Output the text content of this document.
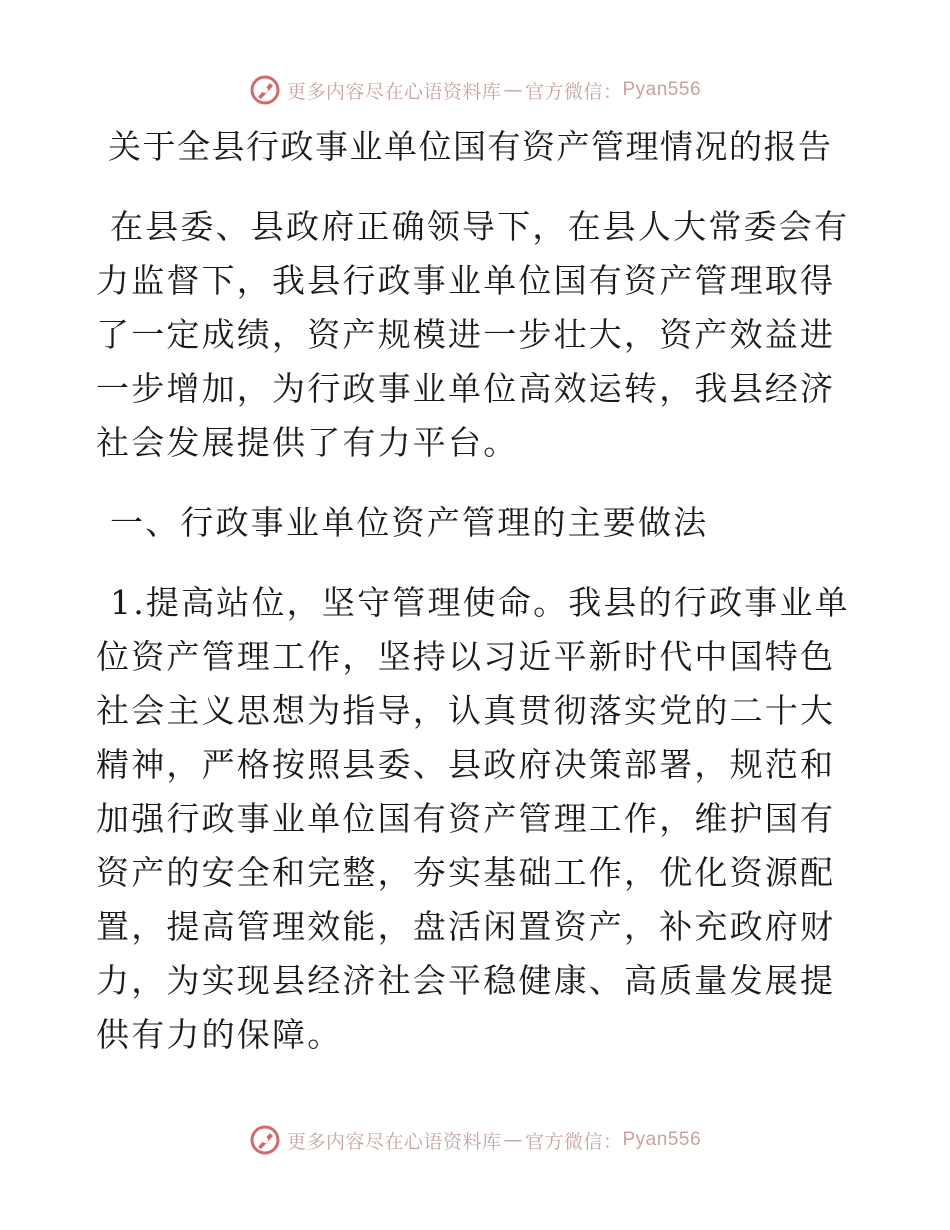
更多内容尽在心语资料库 — 官方微信： Pyan556
关于全县行政事业单位国有资产管理情况的报告

在县委、县政府正确领导下，在县人大常委会有力监督下，我县行政事业单位国有资产管理取得了一定成绩，资产规模进一步壮大，资产效益进一步增加，为行政事业单位高效运转，我县经济社会发展提供了有力平台。

一、行政事业单位资产管理的主要做法

1.提高站位，坚守管理使命。我县的行政事业单位资产管理工作，坚持以习近平新时代中国特色社会主义思想为指导，认真贯彻落实党的二十大精神，严格按照县委、县政府决策部署，规范和加强行政事业单位国有资产管理工作，维护国有资产的安全和完整，夯实基础工作，优化资源配置，提高管理效能，盘活闲置资产，补充政府财力，为实现县经济社会平稳健康、高质量发展提供有力的保障。

更多内容尽在心语资料库 — 官方微信： Pyan556
